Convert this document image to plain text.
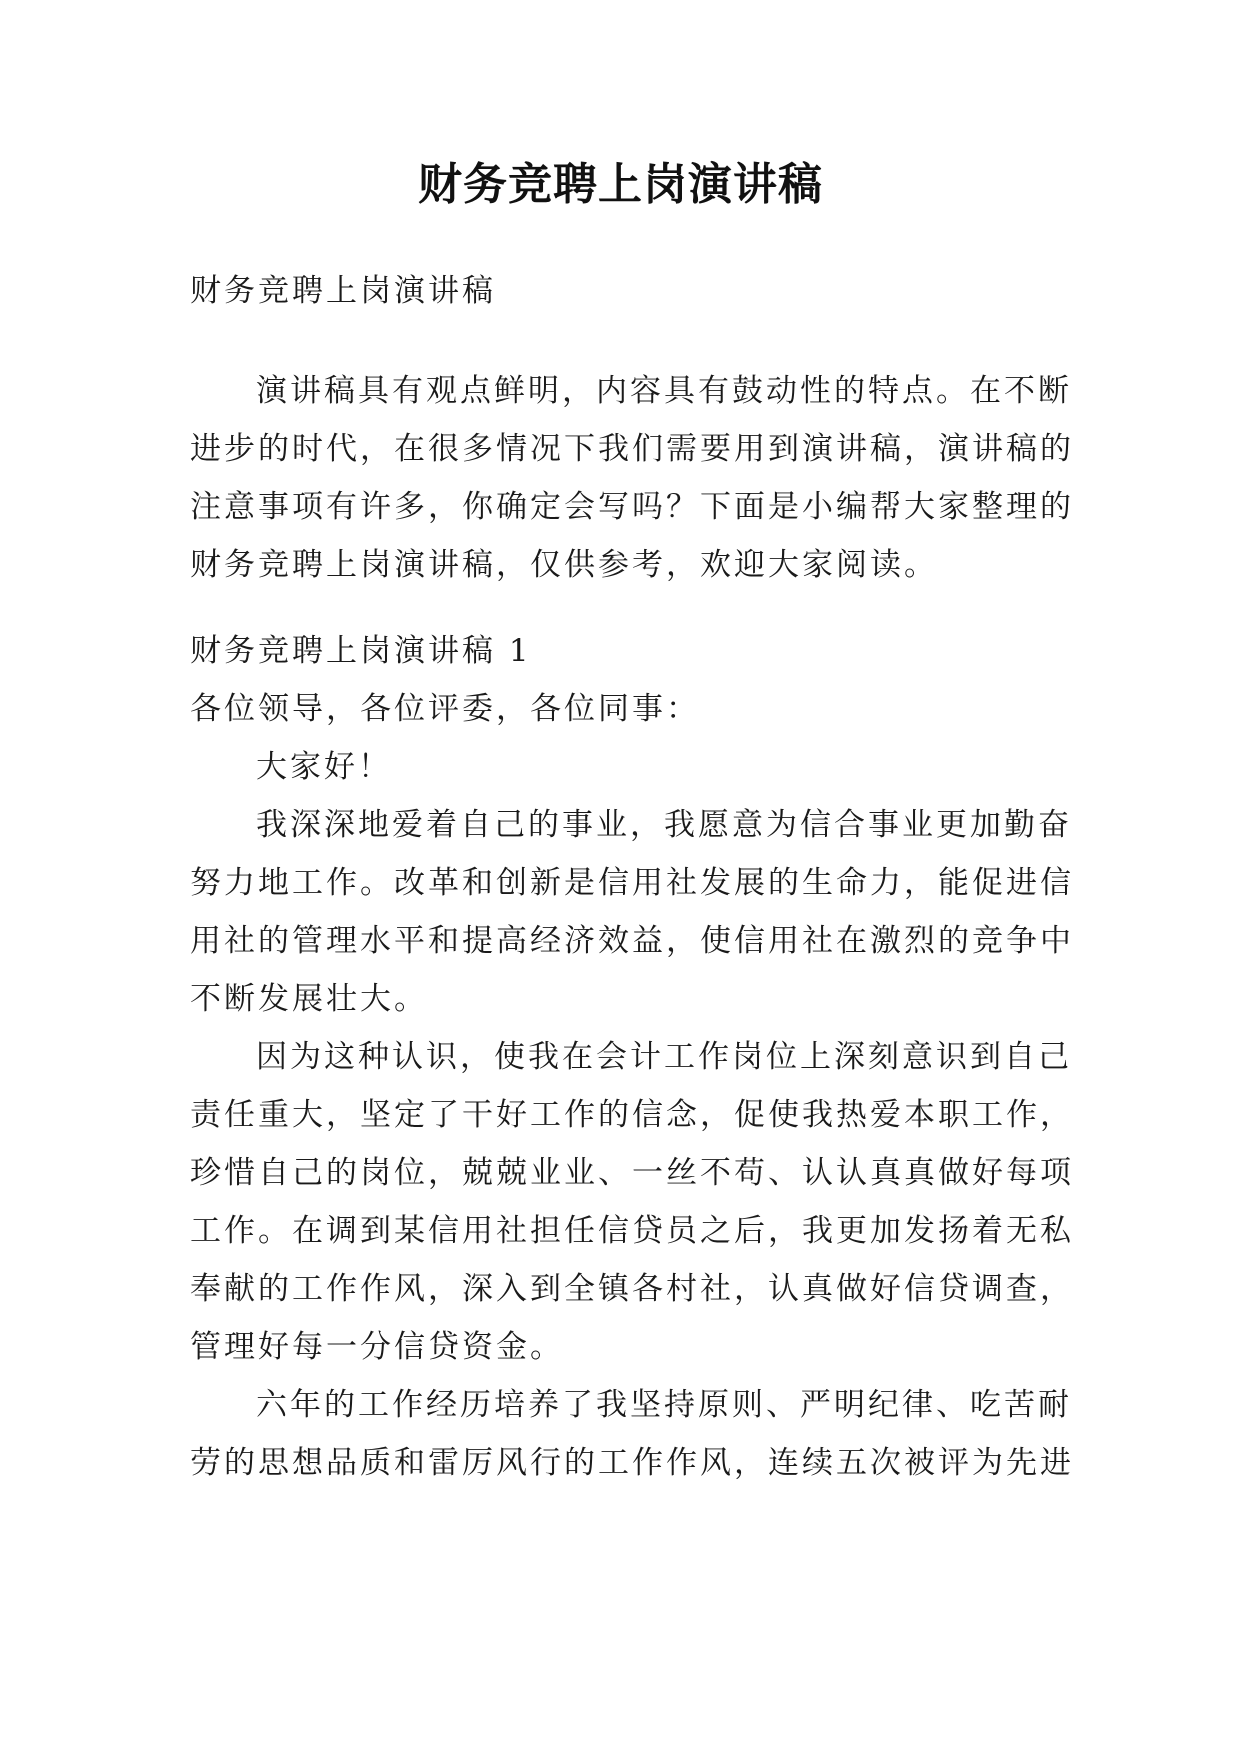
财务竞聘上岗演讲稿
财务竞聘上岗演讲稿
演讲稿具有观点鲜明，内容具有鼓动性的特点。在不断
进步的时代，在很多情况下我们需要用到演讲稿，演讲稿的
注意事项有许多，你确定会写吗？下面是小编帮大家整理的
财务竞聘上岗演讲稿，仅供参考，欢迎大家阅读。
财务竞聘上岗演讲稿 1
各位领导，各位评委，各位同事：
大家好！
我深深地爱着自己的事业，我愿意为信合事业更加勤奋
努力地工作。改革和创新是信用社发展的生命力，能促进信
用社的管理水平和提高经济效益，使信用社在激烈的竞争中
不断发展壮大。
因为这种认识，使我在会计工作岗位上深刻意识到自己
责任重大，坚定了干好工作的信念，促使我热爱本职工作，
珍惜自己的岗位，兢兢业业、一丝不苟、认认真真做好每项
工作。在调到某信用社担任信贷员之后，我更加发扬着无私
奉献的工作作风，深入到全镇各村社，认真做好信贷调查，
管理好每一分信贷资金。
六年的工作经历培养了我坚持原则、严明纪律、吃苦耐
劳的思想品质和雷厉风行的工作作风，连续五次被评为先进
